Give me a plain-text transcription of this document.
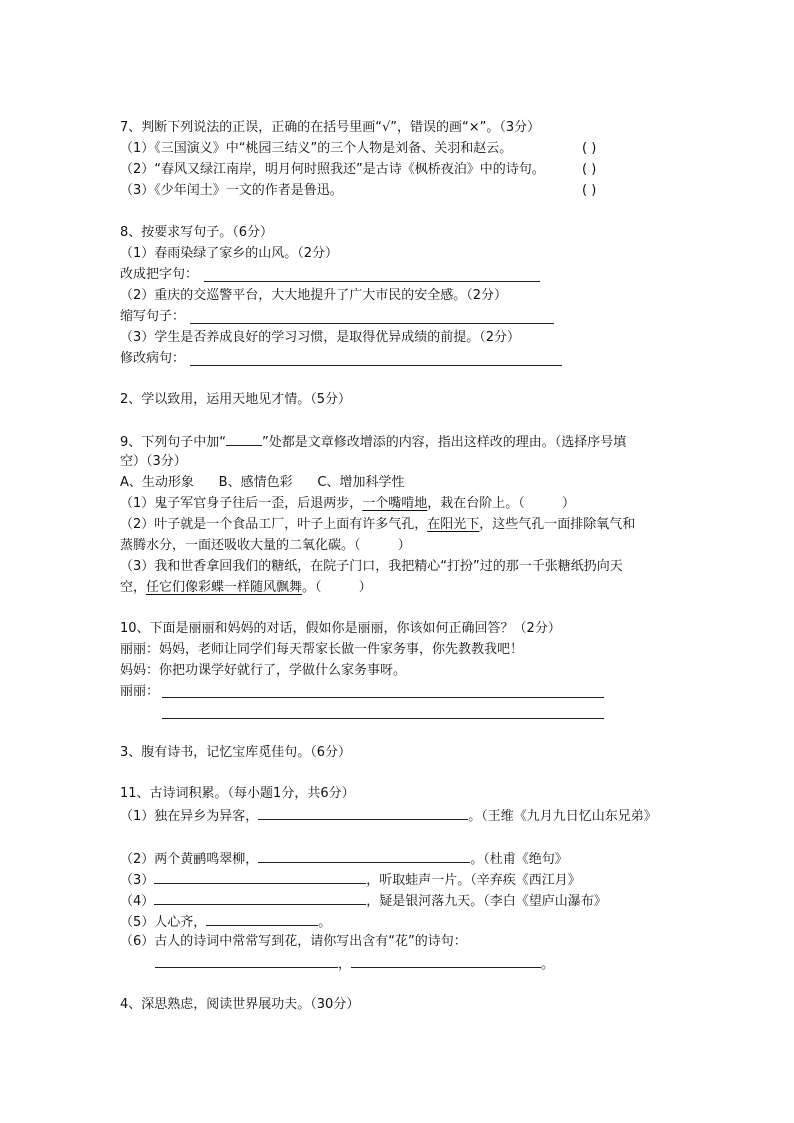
7、判断下列说法的正误，正确的在括号里画“√”，错误的画“×”。（3分）
（1）《三国演义》中“桃园三结义”的三个人物是刘备、关羽和赵云。	( )
（2）“春风又绿江南岸，明月何时照我还”是古诗《枫桥夜泊》中的诗句。	( )
（3）《少年闰土》一文的作者是鲁迅。	( )
8、按要求写句子。（6分）
（1）春雨染绿了家乡的山风。（2分）
改成把字句：
（2）重庆的交巡警平台，大大地提升了广大市民的安全感。（2分）
缩写句子：
（3）学生是否养成良好的学习习惯，是取得优异成绩的前提。（2分）
修改病句：
2、学以致用，运用天地见才情。（5分）
9、下列句子中加“	”处都是文章修改增添的内容，指出这样改的理由。（选择序号填
空）（3分）
A、生动形象      B、感情色彩      C、增加科学性
（1）鬼子军官身子往后一歪，后退两步，一个嘴啃地，栽在台阶上。（         ）
（2）叶子就是一个食品工厂，叶子上面有许多气孔，在阳光下，这些气孔一面排除氧气和
蒸腾水分，一面还吸收大量的二氧化碳。（         ）
（3）我和世香拿回我们的糖纸，在院子门口，我把精心“打扮”过的那一千张糖纸扔向天
空，任它们像彩蝶一样随风飘舞。（         ）
10、下面是丽丽和妈妈的对话，假如你是丽丽，你该如何正确回答？（2分）
丽丽：妈妈，老师让同学们每天帮家长做一件家务事，你先教教我吧！
妈妈：你把功课学好就行了，学做什么家务事呀。
丽丽：
3、腹有诗书，记忆宝库觅佳句。（6分）
11、古诗词积累。（每小题1分，共6分）
（1）独在异乡为异客，	。（王维《九月九日忆山东兄弟》
（2）两个黄鹂鸣翠柳，	。（杜甫《绝句》
（3）	，听取蛙声一片。（辛弃疾《西江月》
（4）	，疑是银河落九天。（李白《望庐山瀑布》
（5）人心齐，	。
（6）古人的诗词中常常写到花，请你写出含有“花”的诗句：
，	。
4、深思熟虑，阅读世界展功夫。（30分）
